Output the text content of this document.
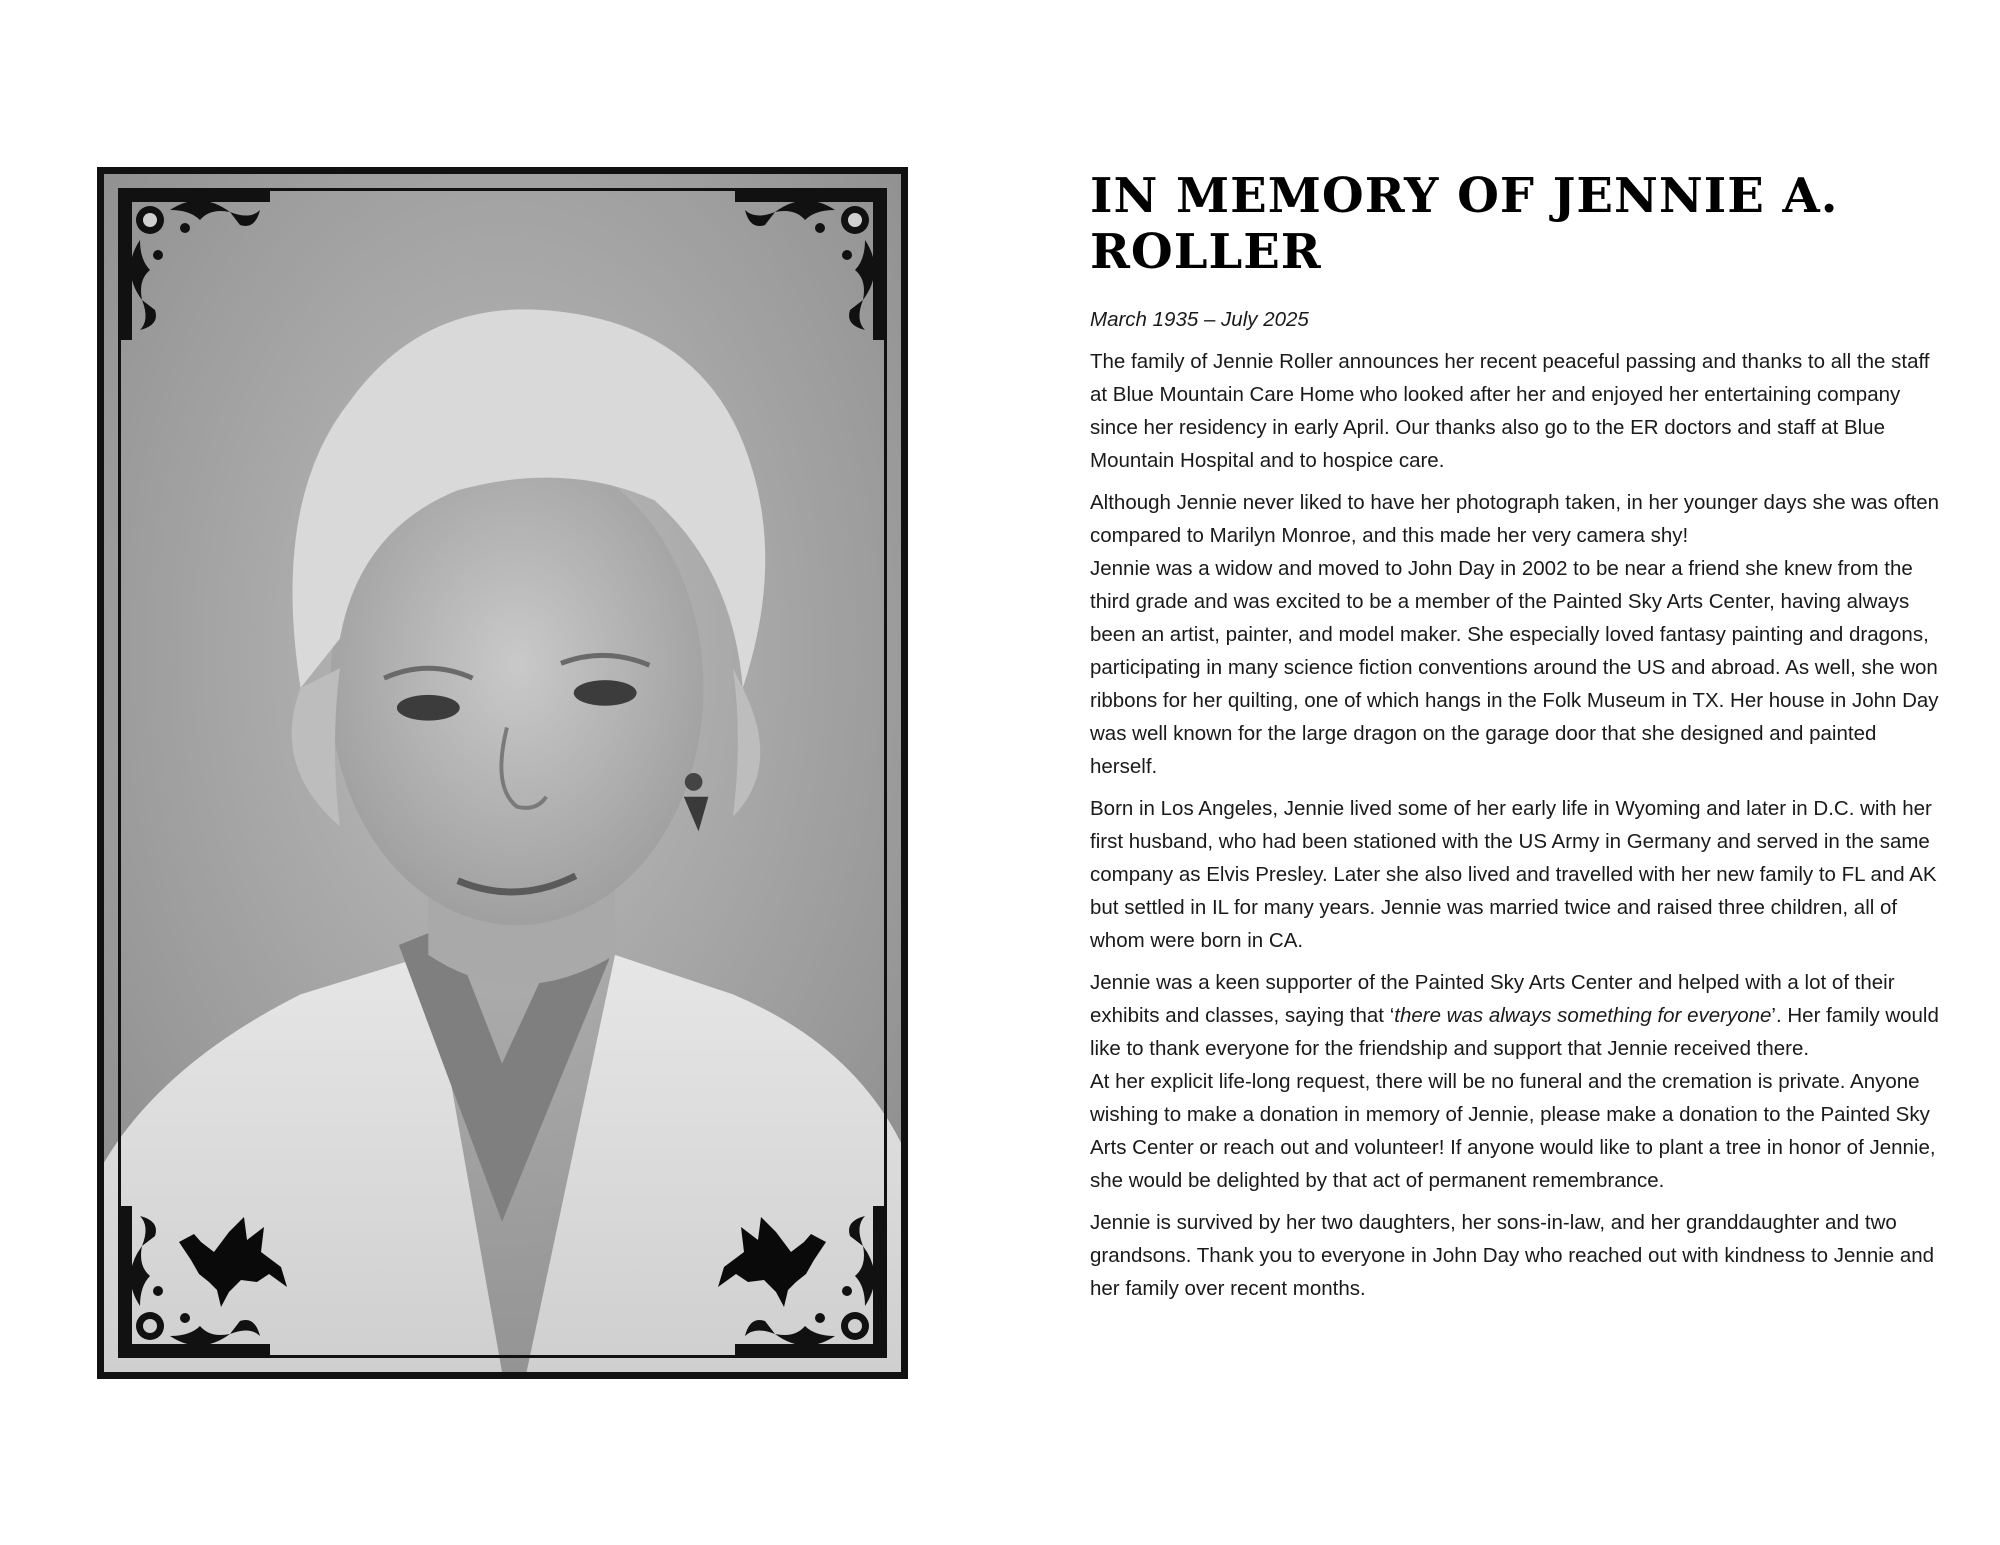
IN MEMORY OF JENNIE A. ROLLER

March 1935 – July 2025

The family of Jennie Roller announces her recent peaceful passing and thanks to all the staff at Blue Mountain Care Home who looked after her and enjoyed her entertaining company since her residency in early April. Our thanks also go to the ER doctors and staff at Blue Mountain Hospital and to hospice care.

Although Jennie never liked to have her photograph taken, in her younger days she was often compared to Marilyn Monroe, and this made her very camera shy!

Jennie was a widow and moved to John Day in 2002 to be near a friend she knew from the third grade and was excited to be a member of the Painted Sky Arts Center, having always been an artist, painter, and model maker. She especially loved fantasy painting and dragons, participating in many science fiction conventions around the US and abroad. As well, she won ribbons for her quilting, one of which hangs in the Folk Museum in TX. Her house in John Day was well known for the large dragon on the garage door that she designed and painted herself.

Born in Los Angeles, Jennie lived some of her early life in Wyoming and later in D.C. with her first husband, who had been stationed with the US Army in Germany and served in the same company as Elvis Presley. Later she also lived and travelled with her new family to FL and AK but settled in IL for many years. Jennie was married twice and raised three children, all of whom were born in CA.

Jennie was a keen supporter of the Painted Sky Arts Center and helped with a lot of their exhibits and classes, saying that ‘there was always something for everyone’. Her family would like to thank everyone for the friendship and support that Jennie received there.

At her explicit life-long request, there will be no funeral and the cremation is private. Anyone wishing to make a donation in memory of Jennie, please make a donation to the Painted Sky Arts Center or reach out and volunteer! If anyone would like to plant a tree in honor of Jennie, she would be delighted by that act of permanent remembrance.

Jennie is survived by her two daughters, her sons-in-law, and her granddaughter and two grandsons. Thank you to everyone in John Day who reached out with kindness to Jennie and her family over recent months.
